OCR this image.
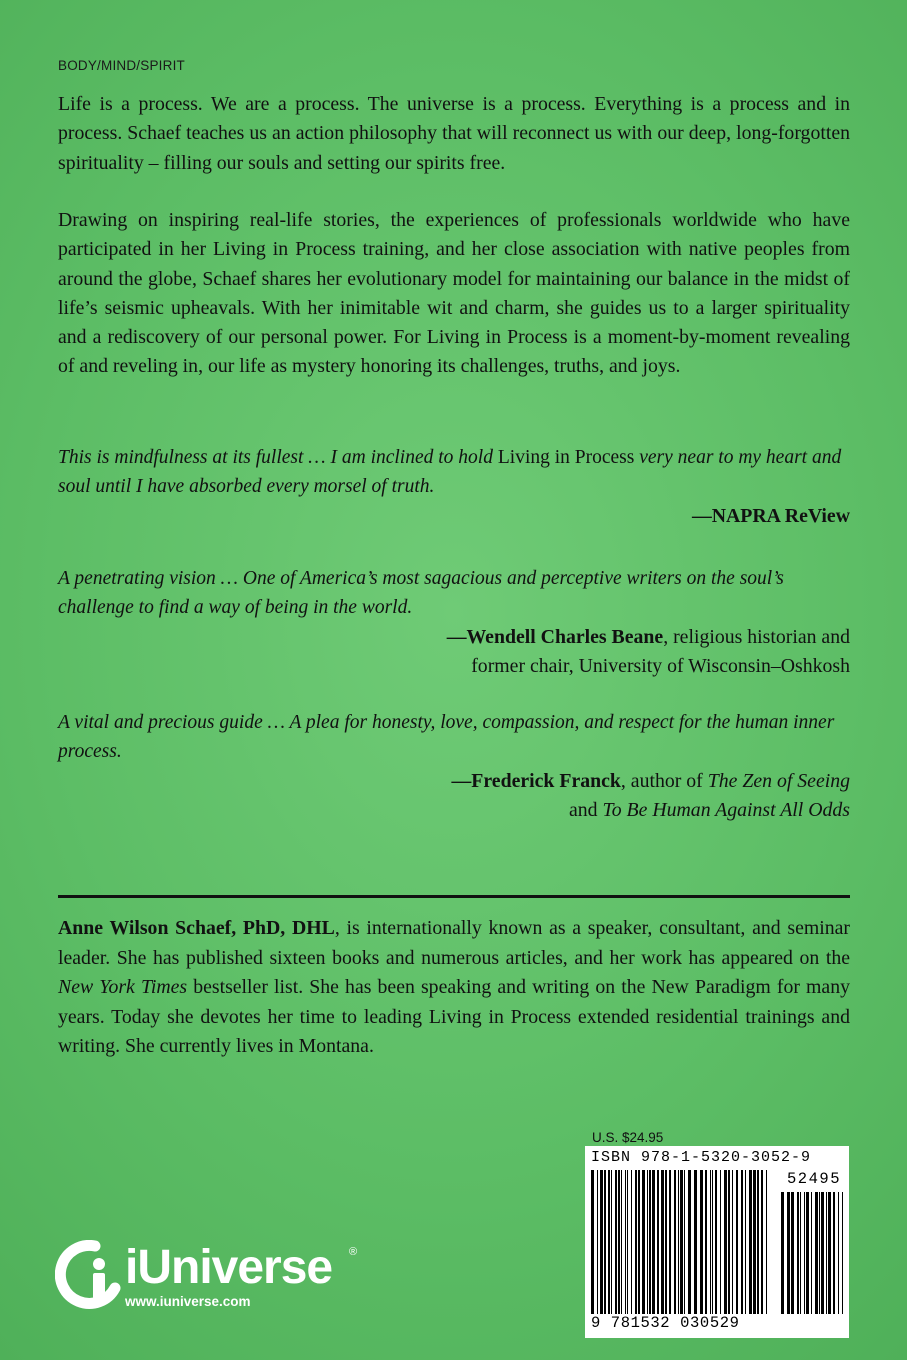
BODY/MIND/SPIRIT

Life is a process. We are a process. The universe is a process. Everything is a process and in process. Schaef teaches us an action philosophy that will reconnect us with our deep, long-forgotten spirituality – filling our souls and setting our spirits free.

Drawing on inspiring real-life stories, the experiences of professionals worldwide who have participated in her Living in Process training, and her close association with native peoples from around the globe, Schaef shares her evolutionary model for maintaining our balance in the midst of life’s seismic upheavals. With her inimitable wit and charm, she guides us to a larger spirituality and a rediscovery of our personal power. For Living in Process is a moment-by-moment revealing of and reveling in, our life as mystery honoring its challenges, truths, and joys.

This is mindfulness at its fullest … I am inclined to hold Living in Process very near to my heart and soul until I have absorbed every morsel of truth.

—NAPRA ReView

A penetrating vision … One of America’s most sagacious and perceptive writers on the soul’s challenge to find a way of being in the world.

—Wendell Charles Beane, religious historian and
former chair, University of Wisconsin–Oshkosh

A vital and precious guide … A plea for honesty, love, compassion, and respect for the human inner process.

—Frederick Franck, author of The Zen of Seeing
and To Be Human Against All Odds

Anne Wilson Schaef, PhD, DHL, is internationally known as a speaker, consultant, and seminar leader. She has published sixteen books and numerous articles, and her work has appeared on the New York Times bestseller list. She has been speaking and writing on the New Paradigm for many years. Today she devotes her time to leading Living in Process extended residential trainings and writing. She currently lives in Montana.

U.S. $24.95
ISBN 978-1-5320-3052-9
52495
9 781532 030529
iUniverse ®
www.iuniverse.com
